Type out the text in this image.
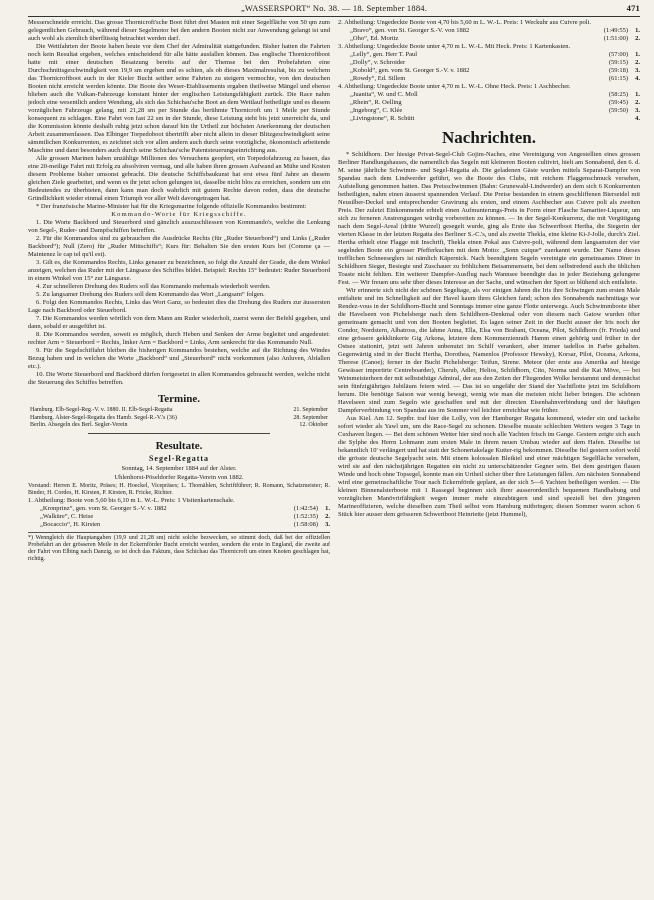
„WASSERSPORT“ No. 38. — 18. September 1884.	471

Messerschneide erreicht. Das grosse Thornicroft'sche Boot führt drei Masten mit einer Segelfläche von 50 qm zum gelegentlichen Gebrauch, während dieser Segelmotor bei den andern Booten nicht zur Anwendung gelangt ist und auch wohl als ziemlich überflüssig betrachtet werden darf.

Die Wettfahrten der Boote haben heute vor dem Chef der Admiralität stattgefunden. Bisher hatten die Fahrten noch kein Resultat ergeben, welches entscheidend für alle hätte ausfallen können. Das englische Thornicroftboot hatte mit einer deutschen Besatzung bereits auf der Themse bei den Probefahrten eine Durchschnittsgeschwindigkeit von 19,9 sm ergeben und es schien, als ob dieses Maximalresultat, bis zu welchem das Thornicroftboot auch in der Kieler Bucht seither seine Fahrten zu steigern vermochte, von den deutschen Booten nicht erreicht werden könnte. Die Boote des Weser-Etablissements ergaben theilweise Mängel und ebenso blieben auch die Vulkan-Fahrzeuge konstant hinter der englischen Leistungsfähigkeit zurück. Die Race nahm jedoch eine wesentlich andere Wendung, als sich das Schichau'sche Boot an dem Wettlauf betheiligte und es diesem vorzüglichen Fahrzeuge gelang, mit 21,28 sm per Stunde das berühmte Thornicroft um 1 Meile per Stunde konsequent zu schlagen. Eine Fahrt von fast 22 sm in der Stunde, diese Leistung steht bis jetzt unerreicht da, und die Kommission könnte deshalb ruhig jetzt schon darauf hin ihr Urtheil zur höchsten Anerkennung der deutschen Arbeit zusammenfassen. Das Elbinger Torpedoboot übertrifft aber nicht allein in dieser Blitzgeschwindigkeit seine sämmtlichen Konkurrenten, es zeichnet sich vor allen andern auch durch seine vorzügliche, ökonomisch arbeitende Maschine und dann besonders auch durch seine Schichau'sche Patentsteuerungseinrichtung aus.

Alle grossen Marinen haben unzählige Millionen des Versuchens geopfert, ein Torpedofahrzeug zu bauen, das eine 20-meilige Fahrt mit Erfolg zu absolviren vermag, und alle haben ihren grossen Aufwand an Mühe und Kosten diesem Probleme bisher umsonst gebracht. Die deutsche Schiffsbaukunst hat erst etwa fünf Jahre an diesem gleichen Ziele gearbeitet, und wenn es ihr jetzt schon gelungen ist, dasselbe nicht blos zu erreichen, sondern um ein Bedeutendes zu überbieten, dann kann man doch wahrlich mit gutem Rechte davon reden, dass die deutsche Gründlichkeit wieder einmal einen Triumph vor aller Welt davongetragen hat.

* Der französische Marine-Minister hat für die Kriegsmarine folgende offizielle Kommandos bestimmt:

Kommando-Worte für Kriegsschiffe.

1. Die Worte Backbord und Steuerbord sind gänzlich auszuschliessen von Kommando's, welche die Lenkung von Segel-, Ruder- und Dampfschiffen betreffen.

2. Für die Kommandos sind zu gebrauchen die Ausdrücke Rechts (für „Ruder Steuerbord“) und Links („Ruder Backbord“); Null (Zero) für „Ruder Mittschiffs“; Kurs für: Behalten Sie den ersten Kurs bei (Comme ça — Maintenez le cap tel qu'il est).

3. Gilt es, die Kommandos Rechts, Links genauer zu bezeichnen, so folgt die Anzahl der Grade, die dem Winkel anzeigen, welchen das Ruder mit der Längsaxe des Schiffes bildet. Beispiel: Rechts 15° bedeutet: Ruder Steuerbord in einem Winkel von 15° zur Längsaxe.

4. Zur schnelleren Drehung des Ruders soll das Kommando mehrmals wiederholt werden.

5. Zu langsamer Drehung des Ruders soll dem Kommando das Wort „Langsam“ folgen.

6. Folgt den Kommandos Rechts, Links das Wort Ganz, so bedeutet dies die Drehung des Ruders zur äussersten Lage nach Backbord oder Steuerbord.

7. Die Kommandos werden wörtlich von dem Mann am Ruder wiederholt, zuerst wenn der Befehl gegeben, und dann, sobald er ausgeführt ist.

8. Die Kommandos werden, soweit es möglich, durch Heben und Senken der Arme begleitet und angedeutet: rechter Arm = Steuerbord = Rechts, linker Arm = Backbord = Links, Arm senkrecht für das Kommando Null.

9. Für die Segelschiffahrt bleiben die bisherigen Kommandos bestehen, welche auf die Richtung des Windes Bezug haben und in welchen die Worte „Backbord“ und „Steuerbord“ nicht vorkommen (also Anluven, Abfallen etc.).

10. Die Worte Steuerbord und Backbord dürfen fortgesetzt in allen Kommandos gebraucht werden, welche nicht die Steuerung des Schiffes betreffen.

Termine.
Hamburg. Elb-Segel-Reg.-V. v. 1880. II. Elb-Segel-Regatta	21. September
Hamburg. Alster-Segel-Regatta des Hamb. Segel-R.-V.'s (36)	28. September
Berlin. Absegeln des Berl. Segler-Verein	12. Oktober
Resultate.
Segel-Regatta
Sonntag, 14. September 1884 auf der Alster.
Uhlenhorst-Pöseldorfer Regatta-Verein von 1882.

Vorstand: Herren E. Moritz, Präses; H. Hoeckel, Vicepräses; L. Thomählen, Schriftführer; R. Romann, Schatzmeister; R. Binder, H. Cordes, H. Kirsten, P. Kirsten, R. Fricke, Richter.

1. Abtheilung: Boote von 5,60 bis 6,10 m L. W.-L. Preis: 1 Visitenkartenschale.

„Kronprinz“, gen. vom St. Georger S.-V. v. 1882	(1:42:54)	1.
„Walküre“, C. Heise	(1:52:35)	2.
„Bocaccio“, H. Kirsten	(1:58:08)	3.
*) Wenngleich die Hauptangaben (19,9 und 21,28 sm) nicht solche bezwecken, so stimmt doch, daß bei der offiziellen Probefahrt an der grösseren Meile in der Eckernförder Bucht erreicht wurden, sondern die erste in England, die zweite auf der Fahrt von Elbing nach Danzig, so ist doch das Faktum, dass Schichau das Thornicroft um einen Knoten geschlagen hat, richtig.

2. Abtheilung: Ungedeckte Boote von 4,70 bis 5,60 m L. W.-L. Preis: 1 Weckuhr aus Cuivre poli.

„Bravo“, gen. von St. Georger S.-V. von 1882	(1:49:55)	1.
„Oho“, Ed. Moritz	(1:51:00)	2.

3. Abtheilung: Ungedeckte Boote unter 4,70 m L. W.-L. Mit Heck. Preis: 1 Kartenkasten.

„Lelly“, gen. Herr T. Paul	(57:00)	1.
„Dolly“, v. Schroider	(59:15)	2.
„Kobold“, gen. vom St. Georger S.-V. v. 1882	(59:18)	3.
„Rowdy“, Ed. Sillem	(61:15)	4.

4. Abtheilung: Ungedeckte Boote unter 4,70 m L. W.-L. Ohne Heck. Preis: 1 Aschbecher.

„Juanita“, W. und C. Moll	(58:25)	1.
„Rhein“, R. Oelling	(59:45)	2.
„Ingeborg“, C. Klée	(59:50)	3.
„Livingstone“, R. Schütt	4.
Nachrichten.

* Schildhorn. Der hiesige Privat-Segel-Club Gojim-Naches, eine Vereinigung von Angestellten eines grossen Berliner Handlungshauses, die namentlich das Segeln mit kleineren Booten cultivirt, hielt am Sonnabend, den 6. d. M. seine jährliche Schwimm- und Segel-Regatta ab. Die geladenen Gäste wurden mittels Separat-Dampfer von Spandau nach dem Lindwerder geführt, wo die Boote des Clubs, mit reichem Flaggenschmuck versehen, Aufstellung genommen hatten. Das Preisschwimmen (Bahn: Grunewald-Lindwerder) an dem sich 6 Konkurrenten betheiligten, nahm einen äusserst spannenden Verlauf. Die Preise bestanden in einem geschliffenen Bierseidel mit Neusilber-Deckel und entsprechender Gravirung als ersten, und einem Aschbecher aus Cuivre poli als zweiten Preis. Der zuletzt Einkommende erhielt einen Aufmunterungs-Preis in Form einer Flasche Samariter-Liqueur, um sich zu ferneren Anstrengungen würdig vorbereiten zu können. — In der Segel-Konkurrenz, die mit Vergütigung nach dem Segel-Areal (dritte Wurzel) gesegelt wurde, ging als Erste das Schwertboot Hertha, die Siegerin der vierten Klasse in der letzten Regatta des Berliner S.-C.'s, und als zweite Thekla, eine kleine Ki-J-Jolle, durch's Ziel. Hertha erhielt eine Flagge mit Inschrift, Thekla einen Pokal aus Cuivre-poli, während dem langsamsten der vier segelnden Boote ein grosser Pfefferkuchen mit dem Motto: „Sonn cuique“ zuerkannt wurde. Der Name dieses trefflichen Schneeseglers ist nämlich Käpernick. Nach beendigtem Segeln vereinigte ein gemeinsames Diner in Schildhorn Sieger, Besiegte und Zuschauer zu fröhlichem Beisammensein, bei dem selbstredend auch die üblichen Toaste nicht fehlten. Ein weiterer Dampfer-Ausflug nach Wannsee beendigte das in jeder Beziehung gelungene Fest. — Wir freuen uns sehr über dieses Interesse an der Sache, und wünschen der Sport so blühend sich entfaltete.

Wir erinnerte sich nicht der schönen Segeltage, als vor einigen Jahren die Iris ihre Schwingen zum ersten Male entfaltete und im Schnelligkeit auf der Havel kaum ihres Gleichen fand; schon des Sonnabends nachmittags war Rendez-vous in der Schildhorn-Bucht und Sonntags immer eine ganze Flotte unterwegs. Auch Schwimmboote über die Havelseen von Pichelsberge nach dem Schildhorn-Denkmal oder von diesem nach Gatow wurden öfter gemeinsam gemacht und von den Booten begleitet. Es lagen seiner Zeit in der Bucht ausser der Iris noch der Condor, Nordstern, Albatross, die lahme Anna, Ella, Elsa von Brabant, Oceana, Pilot, Schildhorn (fr. Frieda) und eine grössere gekklinkerte Gig Arkona, letztere dem Kommerzienrath Hamm einen gehörig und früher in der Ostsee stationirt, jetzt seit Jahren unbenutzt im Schilf verankert, aber immer tadellos in Farbe gehalten. Gegenwärtig sind in der Bucht Hertha, Dorothea, Namenlos (Professor Hewsky), Korsar, Pilot, Oceana, Arkona, Therese (Canoe); ferner in der Bucht Pichelsberge: Teifun, Sirene. Meteor (der erste aus Amerika auf hiesige Gewässer importirte Centreboarder), Cherub, Adler, Helios, Schildhorn, Cito, Norma und die Kat Möve, — bei Weinmeisterhorn der mit selbststhüge Admiral, der aus den Zeiten der Fliegenden Wolke herstammt und demnächst sein fünfzigjähriges Jubiläum feiern wird. — Das ist so ungefähr der Stand der Yachtflotte jetzt im Schildhorn herum. Die benötige Saison war wenig bewegt, wenig wie man die meisten nicht lieber bringen. Die schönen Havelseen sind zum Segeln wie geschaffen und mit der directen Eisenbahnverbindung und der häufigen Dampferverbindung von Spandau aus im Sommer viel leichter erreichbar wie früher.

Aus Kiel. Am 12. Septbr. traf hier die Lolly, von der Hamburger Regatta kommend, wieder ein und tackelte sofort wieder als Yawl um, um die Race-Segel zu schonen. Dieselbe musste schlechten Wetters wegen 3 Tage in Cuxhaven liegen. — Bei dem schönen Wetter hier sind noch alle Yachten frisch im Gange. Gestern zeigte sich auch die Sylphe des Herrn Lohmann zum ersten Male in ihrem neuen Umbau wieder auf dem Hafen. Dieselbe ist bekanntlich 10' verlängert und hat statt der Schonertakelage Kutter-rig bekommen. Dieselbe fiel gestern sofort wohl die grösste deutsche Segelyacht sein. Mit einem kolossalen Bleikiel und einer mächtigen Segelfläche versehen, wird sie auf den nächstjährigen Regatten ein nicht zu unterschätzender Gegner sein. Bei dem gestrigen flauen Winde und hoch ohne Topsegel, konnte man ein Urtheil sicher über ihre Leistungen fällen. Am nächsten Sonnabend wird eine gemeinschaftliche Tour nach Eckernförde geplant, an der sich 5—6 Yachten betheiligen werden. — Die kleinen Binnenalsterboote mit 1 Rassegel beginnen sich ihrer ausserordentlich bequemen Handhabung und vorzüglichen Manövrirfähigkeit wegen immer mehr einzubürgern und sind speziell bei den jüngeren Marineoffizieren, welche dieselben zum Theil selbst vom Hamburg mitbringen; diesen Sommer waren schon 6 Stück hier ausser dem grösseren Schwertboot Heinriette (jetzt Hummel),
